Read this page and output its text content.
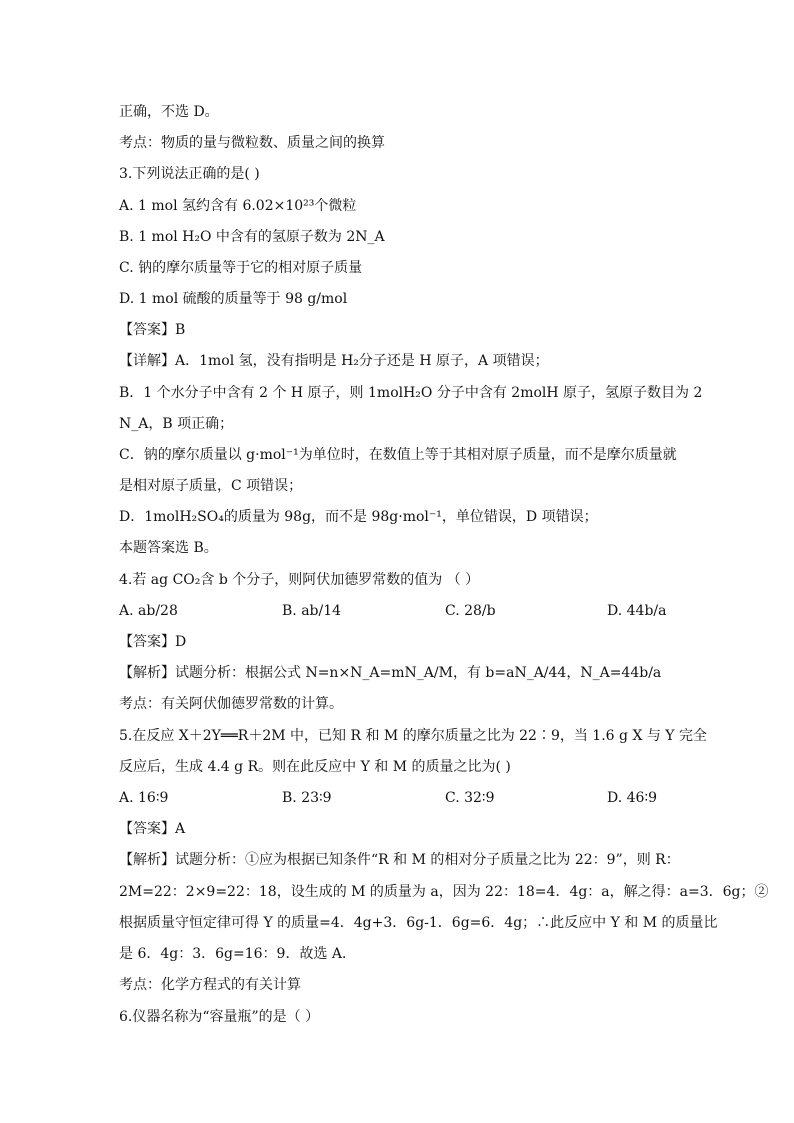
正确，不选 D。
考点：物质的量与微粒数、质量之间的换算
3.下列说法正确的是( )
A. 1 mol 氢约含有 6.02×10²³个微粒
B. 1 mol H₂O 中含有的氢原子数为 2N_A
C. 钠的摩尔质量等于它的相对原子质量
D. 1 mol 硫酸的质量等于 98 g/mol
【答案】B
【详解】A．1mol 氢，没有指明是 H₂分子还是 H 原子，A 项错误；
B．1 个水分子中含有 2 个 H 原子，则 1molH₂O 分子中含有 2molH 原子，氢原子数目为 2
N_A，B 项正确；
C．钠的摩尔质量以 g·mol⁻¹为单位时，在数值上等于其相对原子质量，而不是摩尔质量就
是相对原子质量，C 项错误；
D．1molH₂SO₄的质量为 98g，而不是 98g·mol⁻¹，单位错误，D 项错误；
本题答案选 B。
4.若 ag CO₂含 b 个分子，则阿伏加德罗常数的值为 （ ）
A. ab/28	B. ab/14	C. 28/b	D. 44b/a
【答案】D
【解析】试题分析：根据公式 N=n×N_A=mN_A/M，有 b=aN_A/44，N_A=44b/a
考点：有关阿伏伽德罗常数的计算。
5.在反应 X＋2Y══R＋2M 中，已知 R 和 M 的摩尔质量之比为 22∶9，当 1.6 g X 与 Y 完全
反应后，生成 4.4 g R。则在此反应中 Y 和 M 的质量之比为( )
A. 16∶9	B. 23∶9	C. 32∶9	D. 46∶9
【答案】A
【解析】试题分析：①应为根据已知条件“R 和 M 的相对分子质量之比为 22：9”，则 R：
2M=22：2×9=22：18，设生成的 M 的质量为 a，因为 22：18=4．4g：a，解之得：a=3．6g；②
根据质量守恒定律可得 Y 的质量=4．4g+3．6g-1．6g=6．4g；∴此反应中 Y 和 M 的质量比
是 6．4g：3．6g=16：9．故选 A．
考点：化学方程式的有关计算
6.仪器名称为“容量瓶”的是（ ）
